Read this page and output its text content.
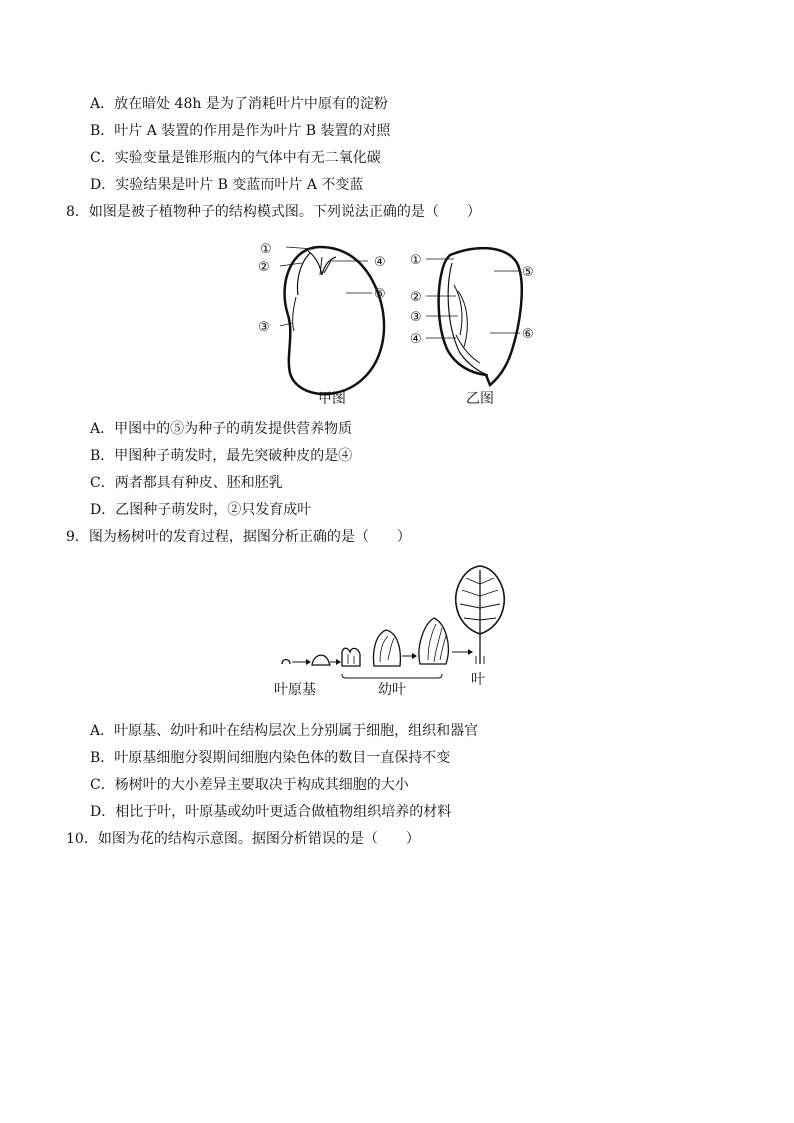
A．放在暗处 48h 是为了消耗叶片中原有的淀粉
B．叶片 A 装置的作用是作为叶片 B 装置的对照
C．实验变量是锥形瓶内的气体中有无二氧化碳
D．实验结果是叶片 B 变蓝而叶片 A 不变蓝
8．如图是被子植物种子的结构模式图。下列说法正确的是（　　）
①
②
③
④
⑤
甲图
①
②
③
④
⑤
⑥
乙图
A．甲图中的⑤为种子的萌发提供营养物质
B．甲图种子萌发时，最先突破种皮的是④
C．两者都具有种皮、胚和胚乳
D．乙图种子萌发时，②只发育成叶
9．图为杨树叶的发育过程，据图分析正确的是（　　）
叶原基	幼叶
叶
A．叶原基、幼叶和叶在结构层次上分别属于细胞，组织和器官
B．叶原基细胞分裂期间细胞内染色体的数目一直保持不变
C．杨树叶的大小差异主要取决于构成其细胞的大小
D．相比于叶，叶原基或幼叶更适合做植物组织培养的材料
10．如图为花的结构示意图。据图分析错误的是（　　）
